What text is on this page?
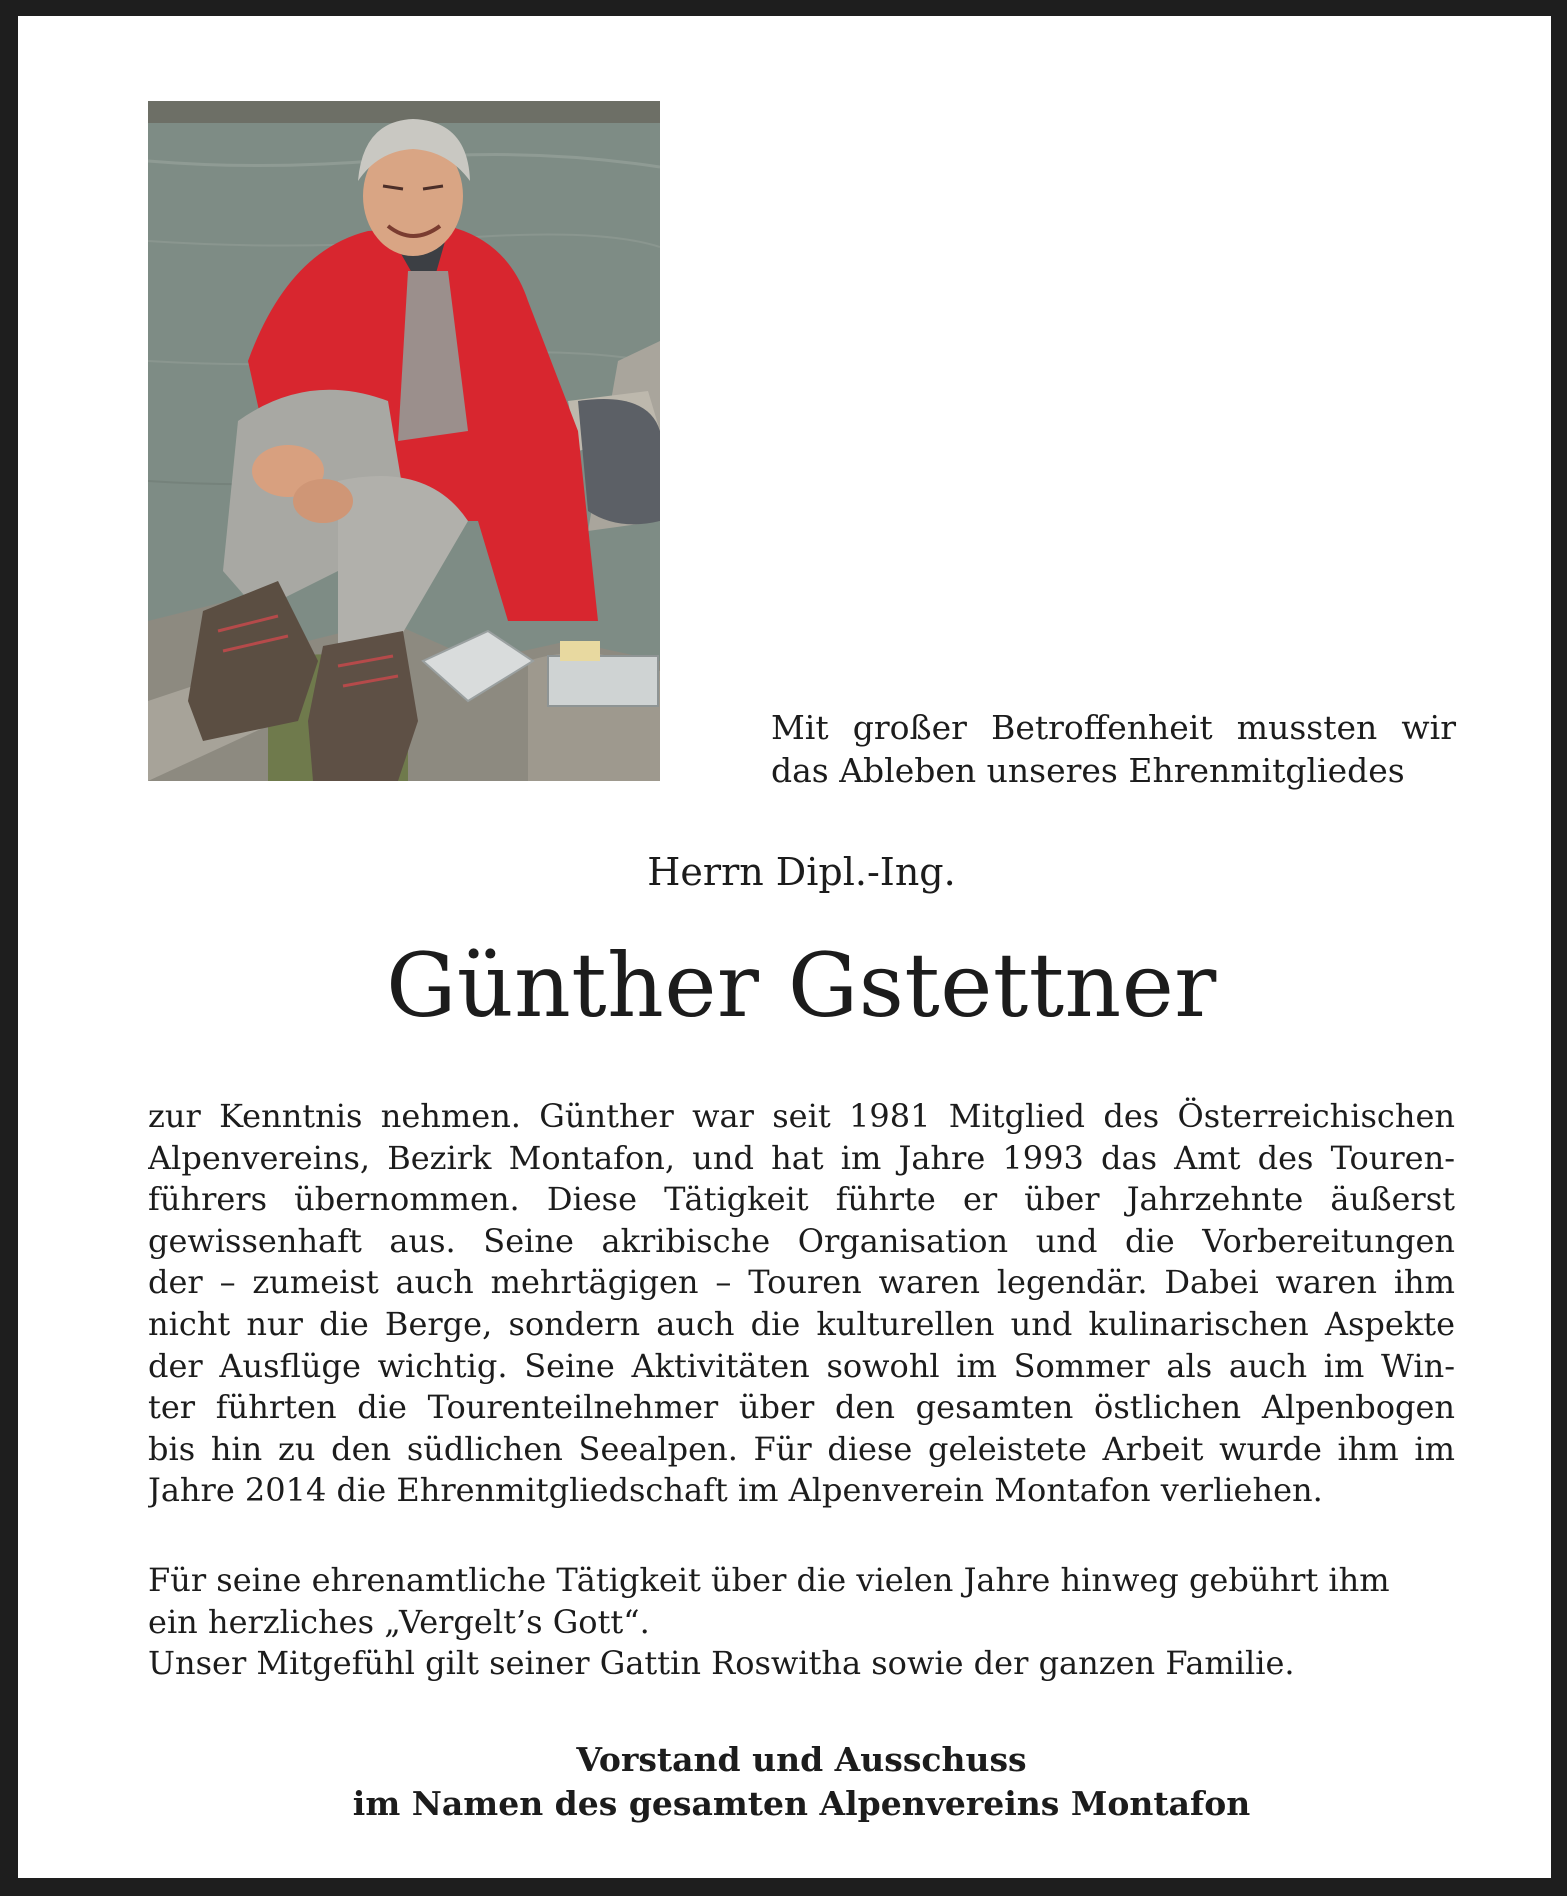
Mit großer Betroffenheit mussten wir
das Ableben unseres Ehrenmitgliedes

Herrn Dipl.-Ing.

Günther Gstettner

zur Kenntnis nehmen. Günther war seit 1981 Mitglied des Österreichischen
Alpenvereins, Bezirk Montafon, und hat im Jahre 1993 das Amt des Touren-
führers übernommen. Diese Tätigkeit führte er über Jahrzehnte äußerst
gewissenhaft aus. Seine akribische Organisation und die Vorbereitungen
der – zumeist auch mehrtägigen – Touren waren legendär. Dabei waren ihm
nicht nur die Berge, sondern auch die kulturellen und kulinarischen Aspekte
der Ausflüge wichtig. Seine Aktivitäten sowohl im Sommer als auch im Win-
ter führten die Tourenteilnehmer über den gesamten östlichen Alpenbogen
bis hin zu den südlichen Seealpen. Für diese geleistete Arbeit wurde ihm im
Jahre 2014 die Ehrenmitgliedschaft im Alpenverein Montafon verliehen.

Für seine ehrenamtliche Tätigkeit über die vielen Jahre hinweg gebührt ihm
ein herzliches „Vergelt’s Gott“.
Unser Mitgefühl gilt seiner Gattin Roswitha sowie der ganzen Familie.

Vorstand und Ausschuss
im Namen des gesamten Alpenvereins Montafon
